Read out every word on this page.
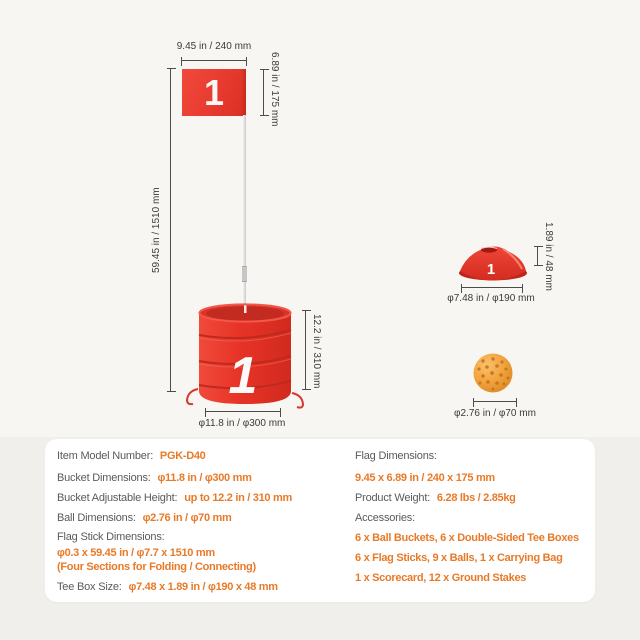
9.45 in / 240 mm
1	6.89 in / 175 mm
59.45 in / 1510 mm
1	12.2 in / 310 mm
φ11.8 in / φ300 mm
1	1.89 in / 48 mm
φ7.48 in / φ190 mm
φ2.76 in / φ70 mm
Item Model Number: PGK-D40
Bucket Dimensions: φ11.8 in / φ300 mm
Bucket Adjustable Height: up to 12.2 in / 310 mm
Ball Dimensions: φ2.76 in / φ70 mm
Flag Stick Dimensions:
φ0.3 x 59.45 in / φ7.7 x 1510 mm
(Four Sections for Folding / Connecting)
Tee Box Size: φ7.48 x 1.89 in / φ190 x 48 mm
Flag Dimensions:
9.45 x 6.89 in / 240 x 175 mm
Product Weight: 6.28 lbs / 2.85kg
Accessories:
6 x Ball Buckets, 6 x Double-Sided Tee Boxes
6 x Flag Sticks, 9 x Balls, 1 x Carrying Bag
1 x Scorecard, 12 x Ground Stakes
